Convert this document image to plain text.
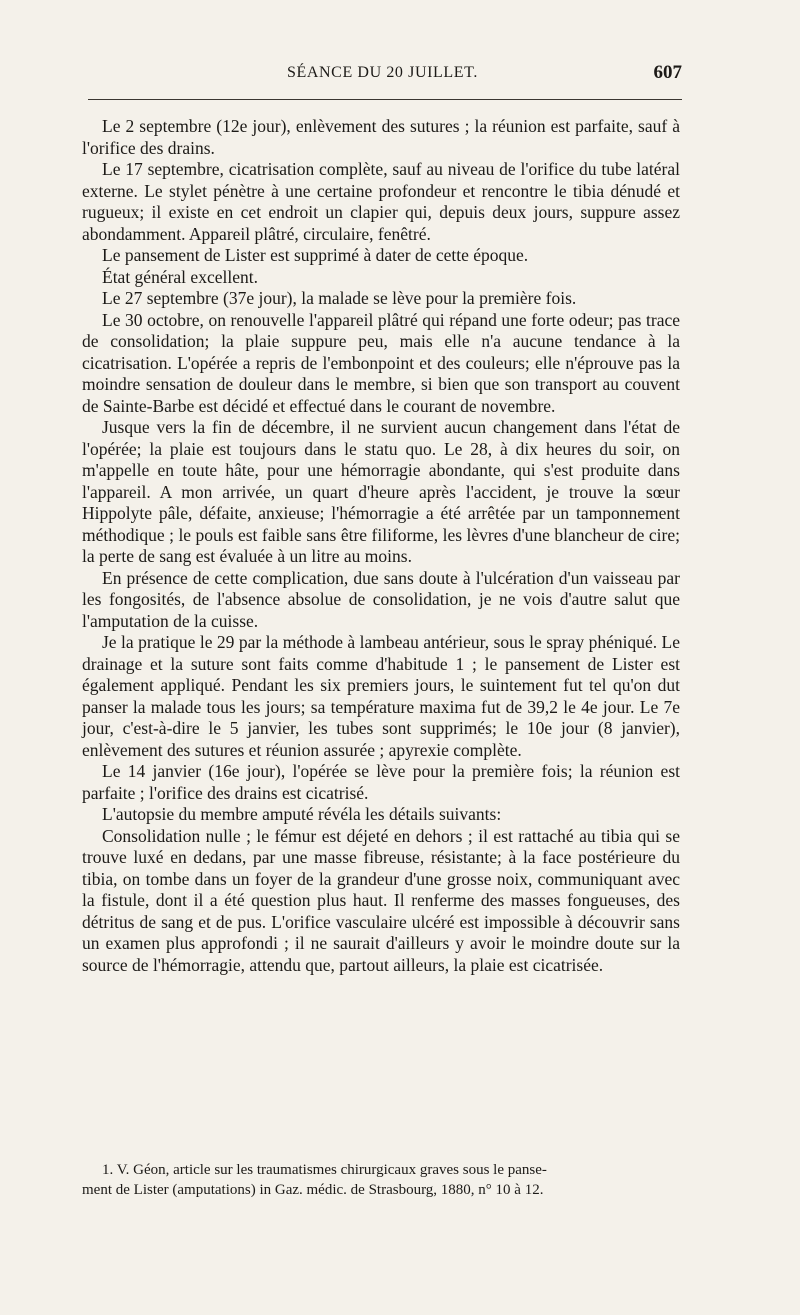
SÉANCE DU 20 JUILLET.	607

Le 2 septembre (12e jour), enlèvement des sutures ; la réunion est parfaite, sauf à l'orifice des drains.

Le 17 septembre, cicatrisation complète, sauf au niveau de l'orifice du tube latéral externe. Le stylet pénètre à une certaine profondeur et rencontre le tibia dénudé et rugueux; il existe en cet endroit un clapier qui, depuis deux jours, suppure assez abondamment. Appareil plâtré, circulaire, fenêtré.

Le pansement de Lister est supprimé à dater de cette époque.

État général excellent.

Le 27 septembre (37e jour), la malade se lève pour la première fois.

Le 30 octobre, on renouvelle l'appareil plâtré qui répand une forte odeur; pas trace de consolidation; la plaie suppure peu, mais elle n'a aucune tendance à la cicatrisation. L'opérée a repris de l'embonpoint et des couleurs; elle n'éprouve pas la moindre sensation de douleur dans le membre, si bien que son transport au couvent de Sainte-Barbe est décidé et effectué dans le courant de novembre.

Jusque vers la fin de décembre, il ne survient aucun changement dans l'état de l'opérée; la plaie est toujours dans le statu quo. Le 28, à dix heures du soir, on m'appelle en toute hâte, pour une hémorragie abondante, qui s'est produite dans l'appareil. A mon arrivée, un quart d'heure après l'accident, je trouve la sœur Hippolyte pâle, défaite, anxieuse; l'hémorragie a été arrêtée par un tamponnement méthodique ; le pouls est faible sans être filiforme, les lèvres d'une blancheur de cire; la perte de sang est évaluée à un litre au moins.

En présence de cette complication, due sans doute à l'ulcération d'un vaisseau par les fongosités, de l'absence absolue de consolidation, je ne vois d'autre salut que l'amputation de la cuisse.

Je la pratique le 29 par la méthode à lambeau antérieur, sous le spray phéniqué. Le drainage et la suture sont faits comme d'habitude 1 ; le pansement de Lister est également appliqué. Pendant les six premiers jours, le suintement fut tel qu'on dut panser la malade tous les jours; sa température maxima fut de 39,2 le 4e jour. Le 7e jour, c'est-à-dire le 5 janvier, les tubes sont supprimés; le 10e jour (8 janvier), enlèvement des sutures et réunion assurée ; apyrexie complète.

Le 14 janvier (16e jour), l'opérée se lève pour la première fois; la réunion est parfaite ; l'orifice des drains est cicatrisé.

L'autopsie du membre amputé révéla les détails suivants:

Consolidation nulle ; le fémur est déjeté en dehors ; il est rattaché au tibia qui se trouve luxé en dedans, par une masse fibreuse, résistante; à la face postérieure du tibia, on tombe dans un foyer de la grandeur d'une grosse noix, communiquant avec la fistule, dont il a été question plus haut. Il renferme des masses fongueuses, des détritus de sang et de pus. L'orifice vasculaire ulcéré est impossible à découvrir sans un examen plus approfondi ; il ne saurait d'ailleurs y avoir le moindre doute sur la source de l'hémorragie, attendu que, partout ailleurs, la plaie est cicatrisée.

1. V. Géon, article sur les traumatismes chirurgicaux graves sous le panse-

ment de Lister (amputations) in Gaz. médic. de Strasbourg, 1880, n° 10 à 12.
